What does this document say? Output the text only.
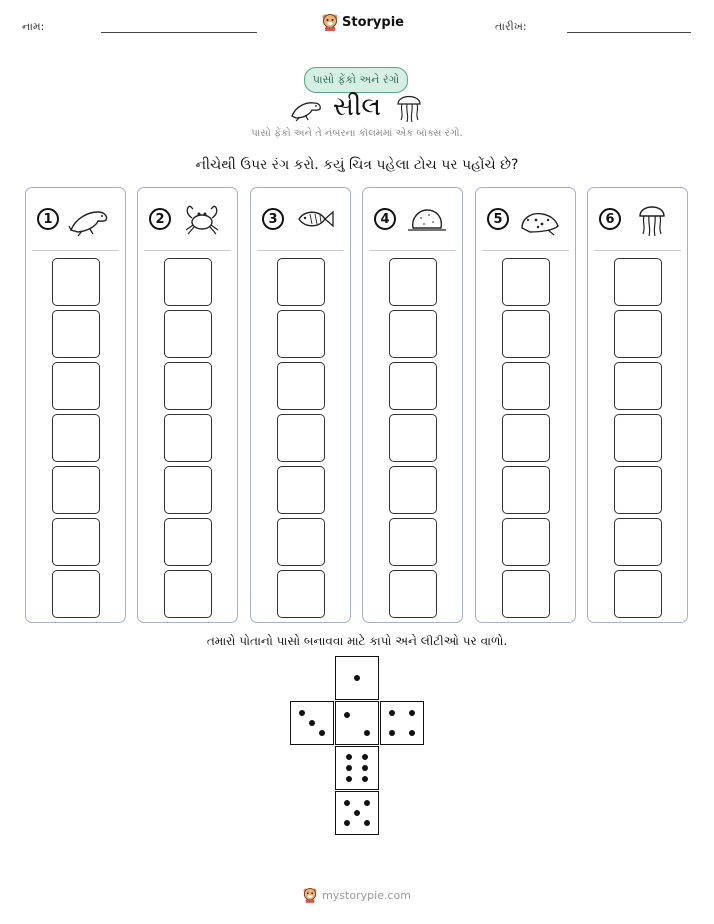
નામ:	Storypie	તારીખ:
પાસો ફેંકો અને રંગો
સીલ
પાસો ફેંકો અને તે નંબરના કૉલમમાં એક બૉક્સ રંગો.
નીચેથી ઉપર રંગ કરો. કયું ચિત્ર પહેલા ટોચ પર પહોંચે છે?
1	2	3	4	5	6
તમારો પોતાનો પાસો બનાવવા માટે કાપો અને લીટીઓ પર વાળો.
mystorypie.com
